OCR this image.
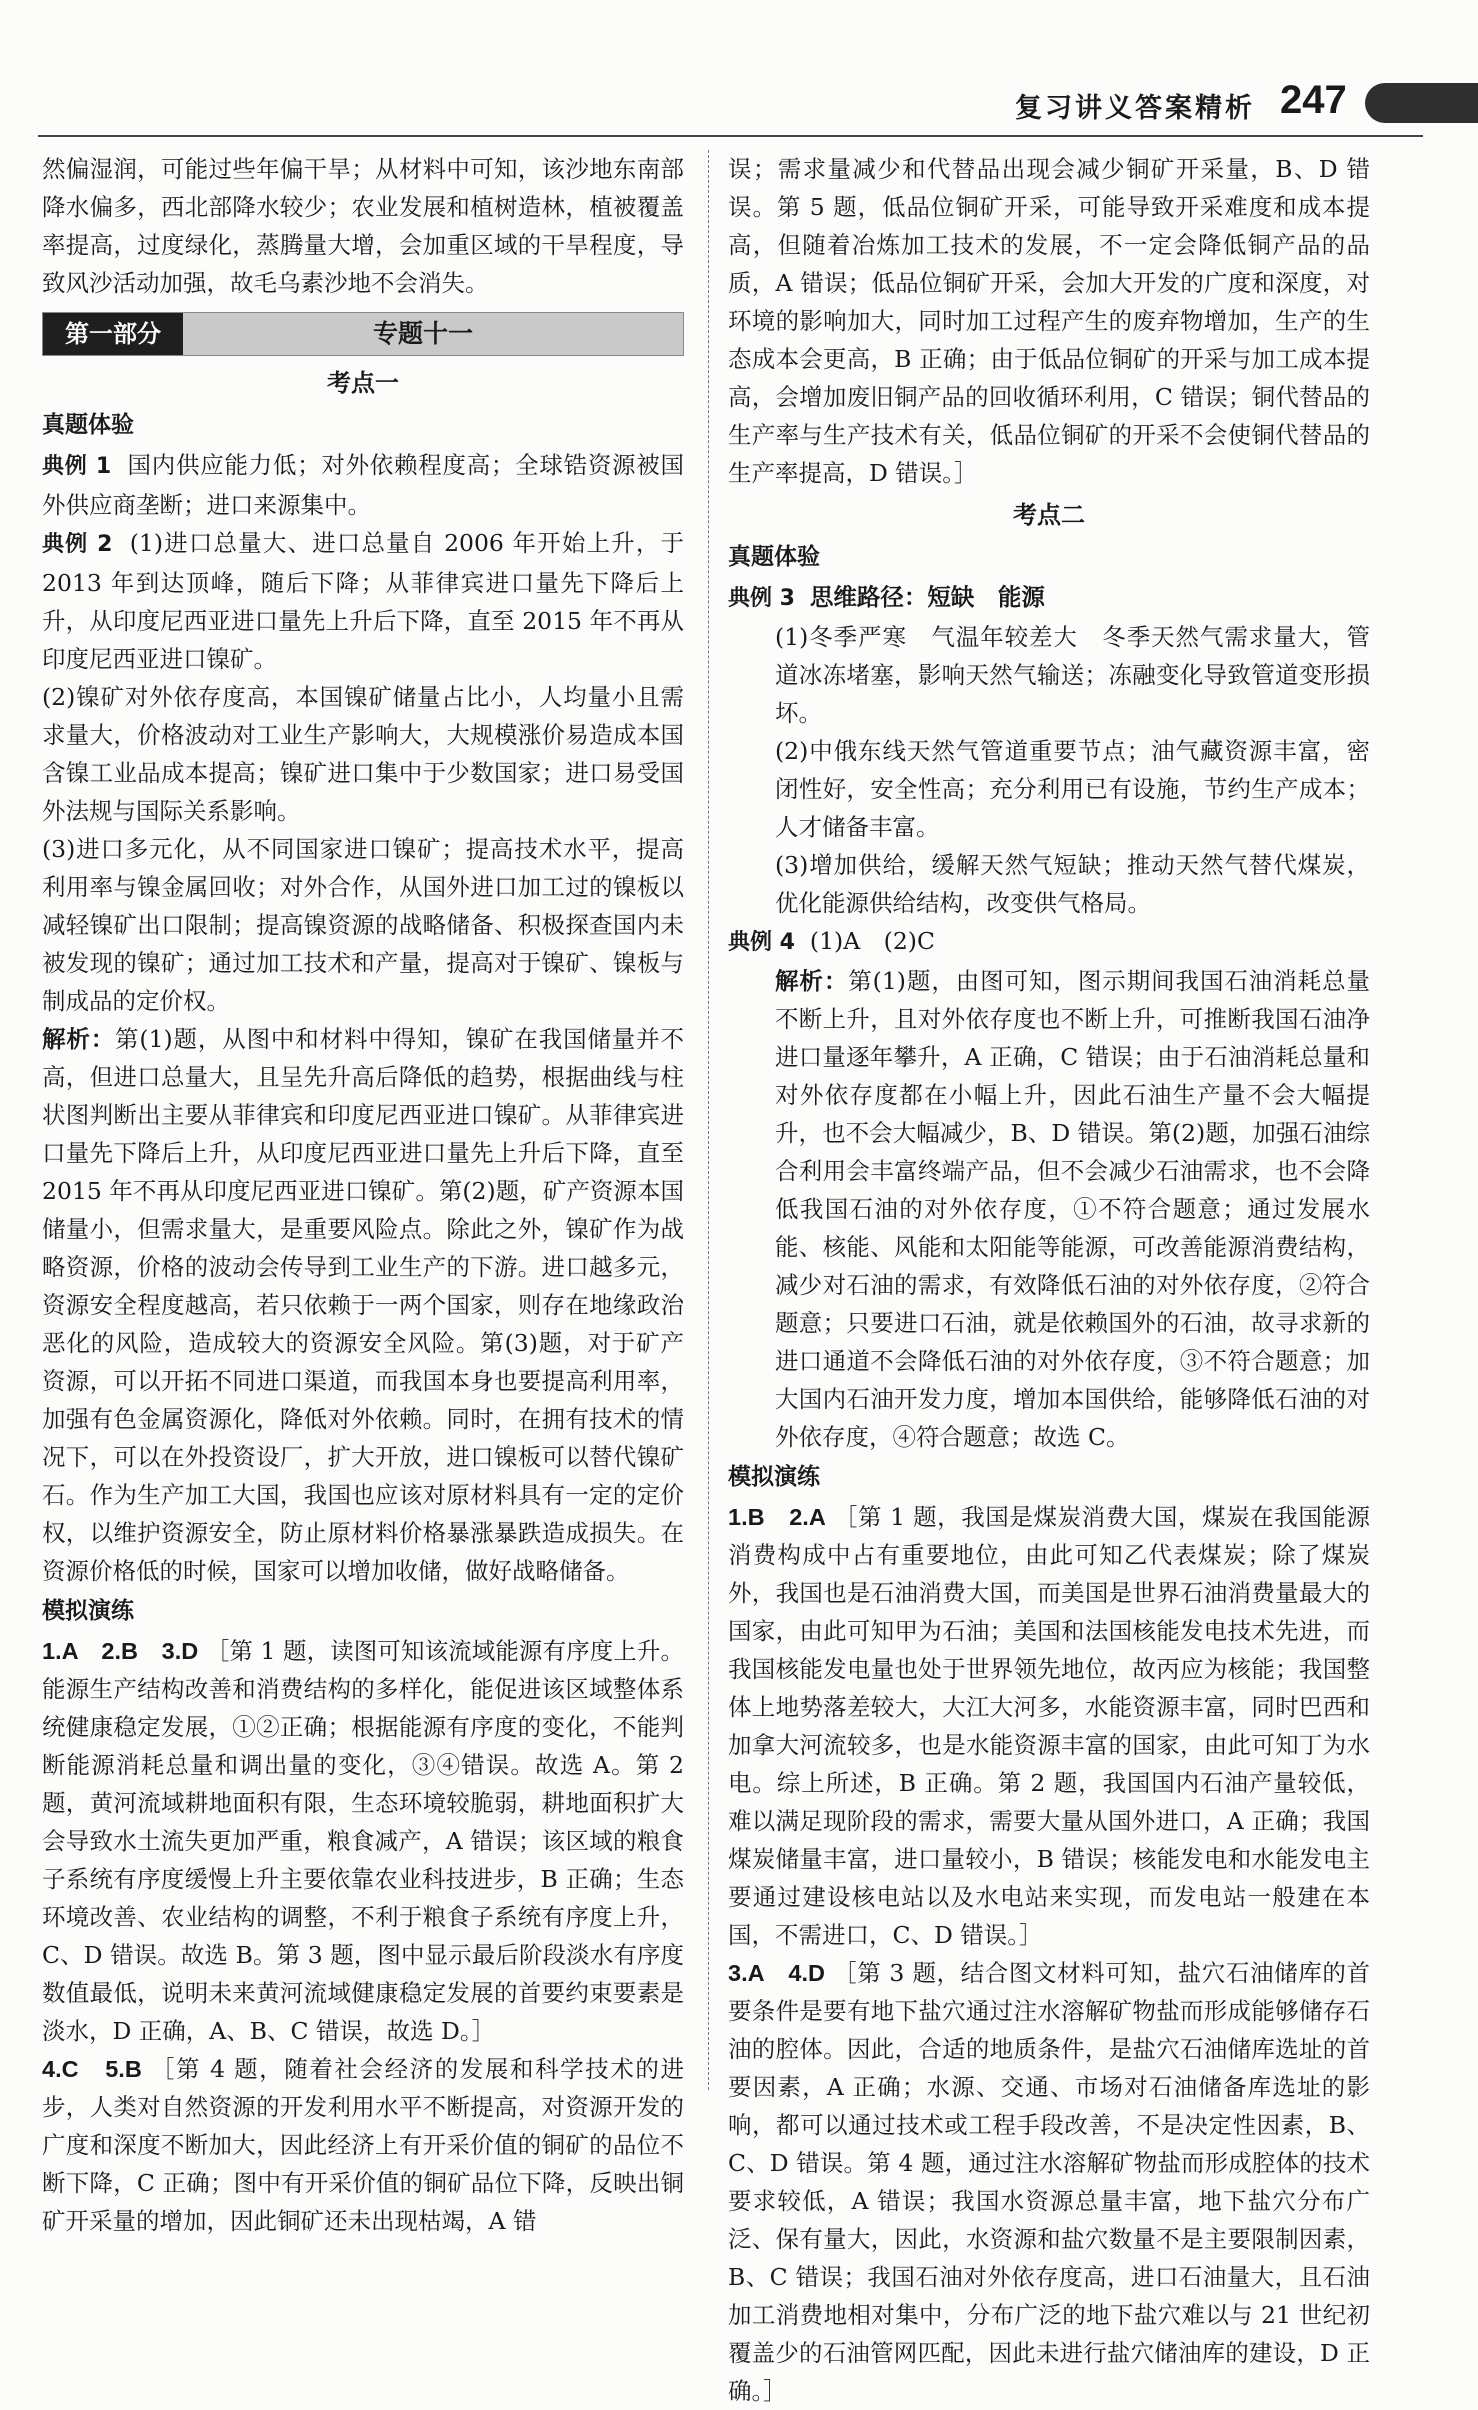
复习讲义答案精析 247

然偏湿润，可能过些年偏干旱；从材料中可知，该沙地东南部降水偏多，西北部降水较少；农业发展和植树造林，植被覆盖率提高，过度绿化，蒸腾量大增，会加重区域的干旱程度，导致风沙活动加强，故毛乌素沙地不会消失。

第一部分	专题十一
考点一
真题体验

典例 1 国内供应能力低；对外依赖程度高；全球锆资源被国外供应商垄断；进口来源集中。

典例 2 (1)进口总量大、进口总量自 2006 年开始上升，于 2013 年到达顶峰，随后下降；从菲律宾进口量先下降后上升，从印度尼西亚进口量先上升后下降，直至 2015 年不再从印度尼西亚进口镍矿。

(2)镍矿对外依存度高，本国镍矿储量占比小，人均量小且需求量大，价格波动对工业生产影响大，大规模涨价易造成本国含镍工业品成本提高；镍矿进口集中于少数国家；进口易受国外法规与国际关系影响。

(3)进口多元化，从不同国家进口镍矿；提高技术水平，提高利用率与镍金属回收；对外合作，从国外进口加工过的镍板以减轻镍矿出口限制；提高镍资源的战略储备、积极探查国内未被发现的镍矿；通过加工技术和产量，提高对于镍矿、镍板与制成品的定价权。

解析：第(1)题，从图中和材料中得知，镍矿在我国储量并不高，但进口总量大，且呈先升高后降低的趋势，根据曲线与柱状图判断出主要从菲律宾和印度尼西亚进口镍矿。从菲律宾进口量先下降后上升，从印度尼西亚进口量先上升后下降，直至 2015 年不再从印度尼西亚进口镍矿。第(2)题，矿产资源本国储量小，但需求量大，是重要风险点。除此之外，镍矿作为战略资源，价格的波动会传导到工业生产的下游。进口越多元，资源安全程度越高，若只依赖于一两个国家，则存在地缘政治恶化的风险，造成较大的资源安全风险。第(3)题，对于矿产资源，可以开拓不同进口渠道，而我国本身也要提高利用率，加强有色金属资源化，降低对外依赖。同时，在拥有技术的情况下，可以在外投资设厂，扩大开放，进口镍板可以替代镍矿石。作为生产加工大国，我国也应该对原材料具有一定的定价权，以维护资源安全，防止原材料价格暴涨暴跌造成损失。在资源价格低的时候，国家可以增加收储，做好战略储备。

模拟演练

1.A　2.B　3.D ［第 1 题，读图可知该流域能源有序度上升。能源生产结构改善和消费结构的多样化，能促进该区域整体系统健康稳定发展，①②正确；根据能源有序度的变化，不能判断能源消耗总量和调出量的变化，③④错误。故选 A。第 2 题，黄河流域耕地面积有限，生态环境较脆弱，耕地面积扩大会导致水土流失更加严重，粮食减产，A 错误；该区域的粮食子系统有序度缓慢上升主要依靠农业科技进步，B 正确；生态环境改善、农业结构的调整，不利于粮食子系统有序度上升，C、D 错误。故选 B。第 3 题，图中显示最后阶段淡水有序度数值最低，说明未来黄河流域健康稳定发展的首要约束要素是淡水，D 正确，A、B、C 错误，故选 D。］

4.C　5.B ［第 4 题，随着社会经济的发展和科学技术的进步，人类对自然资源的开发利用水平不断提高，对资源开发的广度和深度不断加大，因此经济上有开采价值的铜矿的品位不断下降，C 正确；图中有开采价值的铜矿品位下降，反映出铜矿开采量的增加，因此铜矿还未出现枯竭，A 错

误；需求量减少和代替品出现会减少铜矿开采量，B、D 错误。第 5 题，低品位铜矿开采，可能导致开采难度和成本提高，但随着冶炼加工技术的发展，不一定会降低铜产品的品质，A 错误；低品位铜矿开采，会加大开发的广度和深度，对环境的影响加大，同时加工过程产生的废弃物增加，生产的生态成本会更高，B 正确；由于低品位铜矿的开采与加工成本提高，会增加废旧铜产品的回收循环利用，C 错误；铜代替品的生产率与生产技术有关，低品位铜矿的开采不会使铜代替品的生产率提高，D 错误。］

考点二
真题体验

典例 3 思维路径：短缺　能源

(1)冬季严寒　气温年较差大　冬季天然气需求量大，管道冰冻堵塞，影响天然气输送；冻融变化导致管道变形损坏。

(2)中俄东线天然气管道重要节点；油气藏资源丰富，密闭性好，安全性高；充分利用已有设施，节约生产成本；人才储备丰富。

(3)增加供给，缓解天然气短缺；推动天然气替代煤炭，优化能源供给结构，改变供气格局。

典例 4 (1)A　(2)C

解析：第(1)题，由图可知，图示期间我国石油消耗总量不断上升，且对外依存度也不断上升，可推断我国石油净进口量逐年攀升，A 正确，C 错误；由于石油消耗总量和对外依存度都在小幅上升，因此石油生产量不会大幅提升，也不会大幅减少，B、D 错误。第(2)题，加强石油综合利用会丰富终端产品，但不会减少石油需求，也不会降低我国石油的对外依存度，①不符合题意；通过发展水能、核能、风能和太阳能等能源，可改善能源消费结构，减少对石油的需求，有效降低石油的对外依存度，②符合题意；只要进口石油，就是依赖国外的石油，故寻求新的进口通道不会降低石油的对外依存度，③不符合题意；加大国内石油开发力度，增加本国供给，能够降低石油的对外依存度，④符合题意；故选 C。

模拟演练

1.B　2.A ［第 1 题，我国是煤炭消费大国，煤炭在我国能源消费构成中占有重要地位，由此可知乙代表煤炭；除了煤炭外，我国也是石油消费大国，而美国是世界石油消费量最大的国家，由此可知甲为石油；美国和法国核能发电技术先进，而我国核能发电量也处于世界领先地位，故丙应为核能；我国整体上地势落差较大，大江大河多，水能资源丰富，同时巴西和加拿大河流较多，也是水能资源丰富的国家，由此可知丁为水电。综上所述，B 正确。第 2 题，我国国内石油产量较低，难以满足现阶段的需求，需要大量从国外进口，A 正确；我国煤炭储量丰富，进口量较小，B 错误；核能发电和水能发电主要通过建设核电站以及水电站来实现，而发电站一般建在本国，不需进口，C、D 错误。］

3.A　4.D ［第 3 题，结合图文材料可知，盐穴石油储库的首要条件是要有地下盐穴通过注水溶解矿物盐而形成能够储存石油的腔体。因此，合适的地质条件，是盐穴石油储库选址的首要因素，A 正确；水源、交通、市场对石油储备库选址的影响，都可以通过技术或工程手段改善，不是决定性因素，B、C、D 错误。第 4 题，通过注水溶解矿物盐而形成腔体的技术要求较低，A 错误；我国水资源总量丰富，地下盐穴分布广泛、保有量大，因此，水资源和盐穴数量不是主要限制因素，B、C 错误；我国石油对外依存度高，进口石油量大，且石油加工消费地相对集中，分布广泛的地下盐穴难以与 21 世纪初覆盖少的石油管网匹配，因此未进行盐穴储油库的建设，D 正确。］
